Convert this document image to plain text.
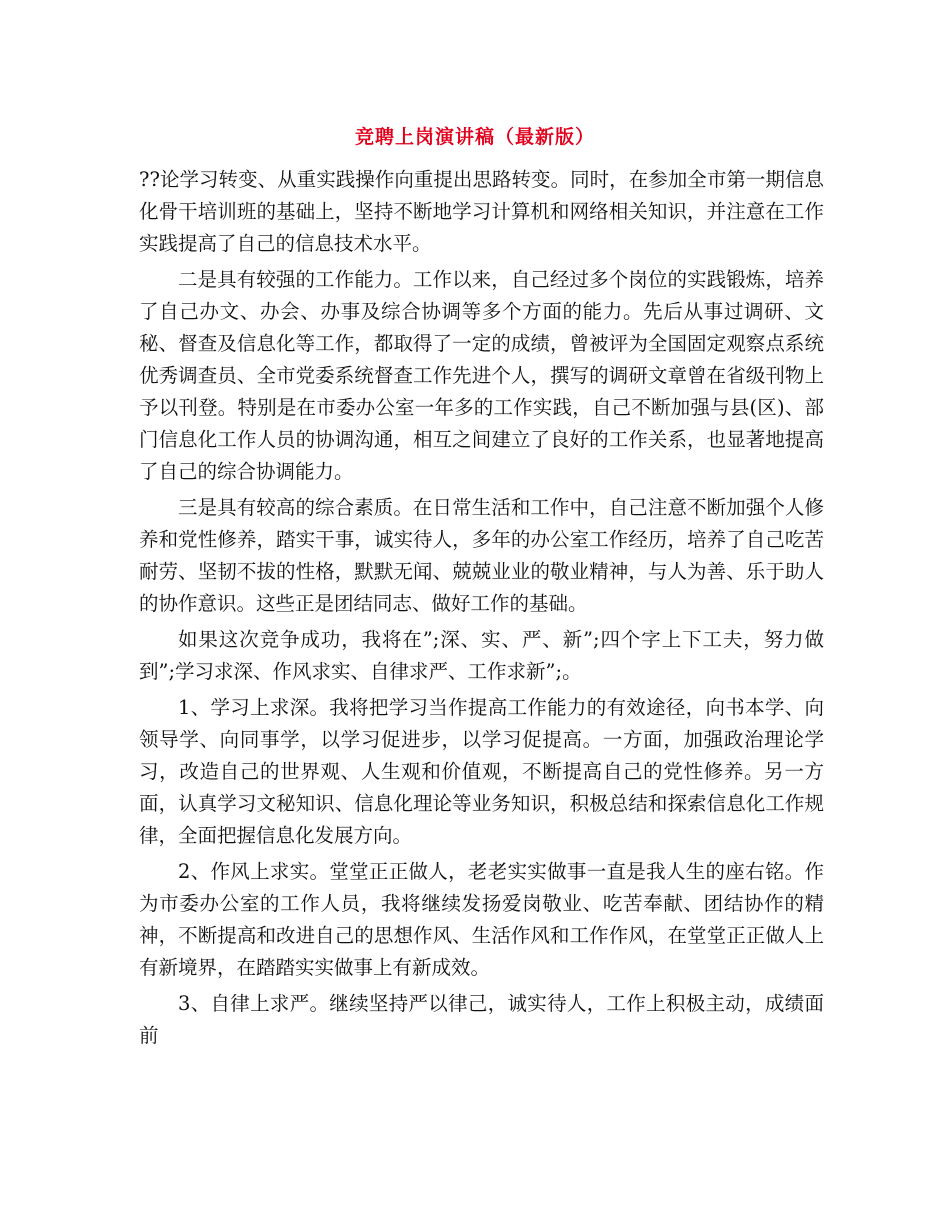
竞聘上岗演讲稿（最新版）

??论学习转变、从重实践操作向重提出思路转变。同时，在参加全市第一期信息化骨干培训班的基础上，坚持不断地学习计算机和网络相关知识，并注意在工作实践提高了自己的信息技术水平。

二是具有较强的工作能力。工作以来，自己经过多个岗位的实践锻炼，培养了自己办文、办会、办事及综合协调等多个方面的能力。先后从事过调研、文秘、督查及信息化等工作，都取得了一定的成绩，曾被评为全国固定观察点系统优秀调查员、全市党委系统督查工作先进个人，撰写的调研文章曾在省级刊物上予以刊登。特别是在市委办公室一年多的工作实践，自己不断加强与县(区)、部门信息化工作人员的协调沟通，相互之间建立了良好的工作关系，也显著地提高了自己的综合协调能力。

三是具有较高的综合素质。在日常生活和工作中，自己注意不断加强个人修养和党性修养，踏实干事，诚实待人，多年的办公室工作经历，培养了自己吃苦耐劳、坚韧不拔的性格，默默无闻、兢兢业业的敬业精神，与人为善、乐于助人的协作意识。这些正是团结同志、做好工作的基础。

如果这次竞争成功，我将在”;深、实、严、新”;四个字上下工夫，努力做到”;学习求深、作风求实、自律求严、工作求新”;。

1、学习上求深。我将把学习当作提高工作能力的有效途径，向书本学、向领导学、向同事学，以学习促进步，以学习促提高。一方面，加强政治理论学习，改造自己的世界观、人生观和价值观，不断提高自己的党性修养。另一方面，认真学习文秘知识、信息化理论等业务知识，积极总结和探索信息化工作规律，全面把握信息化发展方向。

2、作风上求实。堂堂正正做人，老老实实做事一直是我人生的座右铭。作为市委办公室的工作人员，我将继续发扬爱岗敬业、吃苦奉献、团结协作的精神，不断提高和改进自己的思想作风、生活作风和工作作风，在堂堂正正做人上有新境界，在踏踏实实做事上有新成效。

3、自律上求严。继续坚持严以律己，诚实待人，工作上积极主动，成绩面前
